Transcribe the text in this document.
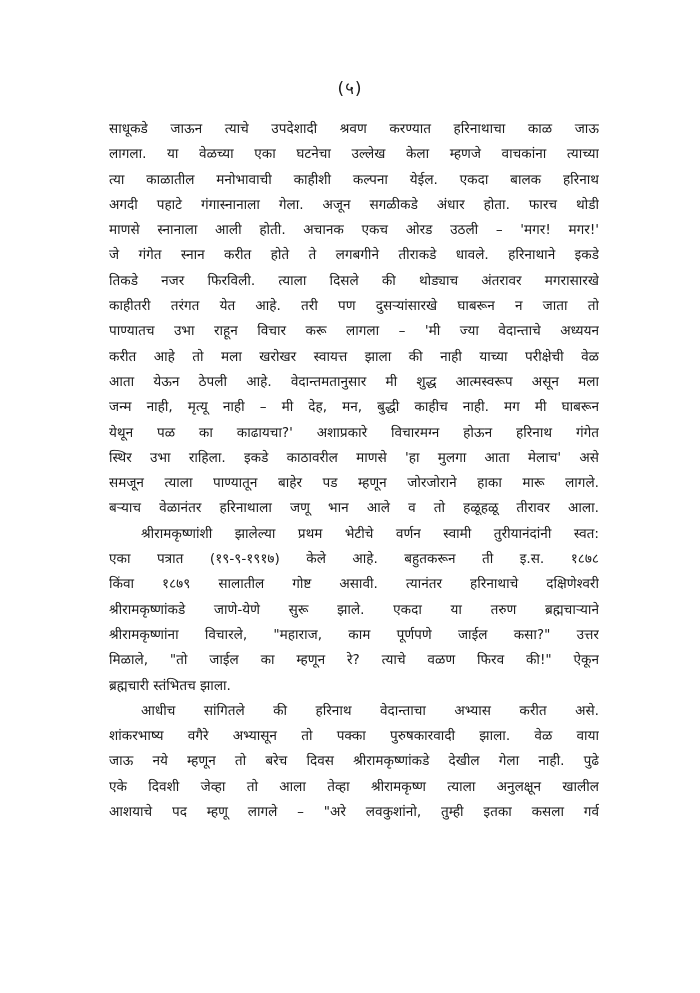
(५)
साधूकडे जाऊन त्याचे उपदेशादी श्रवण करण्यात हरिनाथाचा काळ जाऊ
लागला. या वेळच्या एका घटनेचा उल्लेख केला म्हणजे वाचकांना त्याच्या
त्या काळातील मनोभावाची काहीशी कल्पना येईल. एकदा बालक हरिनाथ
अगदी पहाटे गंगास्नानाला गेला. अजून सगळीकडे अंधार होता. फारच थोडी
माणसे स्नानाला आली होती. अचानक एकच ओरड उठली – 'मगर! मगर!'
जे गंगेत स्नान करीत होते ते लगबगीने तीराकडे धावले. हरिनाथाने इकडे
तिकडे नजर फिरविली. त्याला दिसले की थोड्याच अंतरावर मगरासारखे
काहीतरी तरंगत येत आहे. तरी पण दुसऱ्यांसारखे घाबरून न जाता तो
पाण्यातच उभा राहून विचार करू लागला – 'मी ज्या वेदान्ताचे अध्ययन
करीत आहे तो मला खरोखर स्वायत्त झाला की नाही याच्या परीक्षेची वेळ
आता येऊन ठेपली आहे. वेदान्तमतानुसार मी शुद्ध आत्मस्वरूप असून मला
जन्म नाही, मृत्यू नाही – मी देह, मन, बुद्धी काहीच नाही. मग मी घाबरून
येथून पळ का काढायचा?' अशाप्रकारे विचारमग्न होऊन हरिनाथ गंगेत
स्थिर उभा राहिला. इकडे काठावरील माणसे 'हा मुलगा आता मेलाच' असे
समजून त्याला पाण्यातून बाहेर पड म्हणून जोरजोराने हाका मारू लागले.
बऱ्याच वेळानंतर हरिनाथाला जणू भान आले व तो हळूहळू तीरावर आला.
श्रीरामकृष्णांशी झालेल्या प्रथम भेटीचे वर्णन स्वामी तुरीयानंदांनी स्वत:
एका पत्रात (१९-९-१९१७) केले आहे. बहुतकरून ती इ.स. १८७८
किंवा १८७९ सालातील गोष्ट असावी. त्यानंतर हरिनाथाचे दक्षिणेश्वरी
श्रीरामकृष्णांकडे जाणे-येणे सुरू झाले. एकदा या तरुण ब्रह्मचाऱ्याने
श्रीरामकृष्णांना विचारले, "महाराज, काम पूर्णपणे जाईल कसा?" उत्तर
मिळाले, "तो जाईल का म्हणून रे? त्याचे वळण फिरव की!" ऐकून
ब्रह्मचारी स्तंभितच झाला.
आधीच सांगितले की हरिनाथ वेदान्ताचा अभ्यास करीत असे.
शांकरभाष्य वगैरे अभ्यासून तो पक्का पुरुषकारवादी झाला. वेळ वाया
जाऊ नये म्हणून तो बरेच दिवस श्रीरामकृष्णांकडे देखील गेला नाही. पुढे
एके दिवशी जेव्हा तो आला तेव्हा श्रीरामकृष्ण त्याला अनुलक्षून खालील
आशयाचे पद म्हणू लागले – "अरे लवकुशांनो, तुम्ही इतका कसला गर्व
